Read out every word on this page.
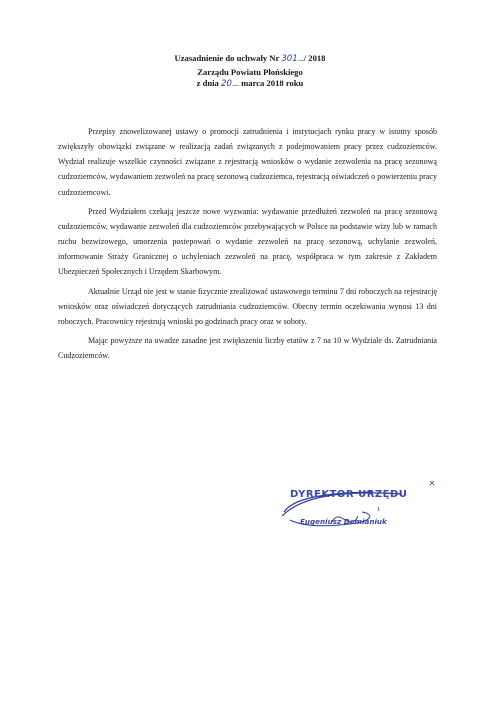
Uzasadnienie do uchwały Nr 301....../ 2018
Zarządu Powiatu Płońskiego
z dnia 20....... marca 2018 roku

Przepisy znowelizowanej ustawy o promocji zatrudnienia i instytucjach rynku pracy w istotny sposób zwiększyły obowiązki związane w realizacją zadań związanych z podejmowaniem pracy przez cudzoziemców. Wydział realizuje wszelkie czynności związane z rejestracją wniosków o wydanie zezwolenia na pracę sezonową cudzoziemców, wydawaniem zezwoleń na pracę sezonową cudzoziemca, rejestracją oświadczeń o powierzeniu pracy cudzoziemcowi.

Przed Wydziałem czekają jeszcze nowe wyzwania: wydawanie przedłużeń zezwoleń na pracę sezonową cudzoziemców, wydawanie zezwoleń dla cudzoziemców przebywających w Polsce na podstawie wizy lub w ramach ruchu bezwizowego, umorzenia postepowań o wydanie zezwoleń na pracę sezonową, uchylanie zezwoleń, informowanie Straży Granicznej o uchyleniach zezwoleń na pracę, współpraca w tym zakresie z Zakładem Ubezpieczeń Społecznych i Urzędem Skarbowym.

Aktualnie Urząd nie jest w stanie fizycznie zrealizować ustawowego terminu 7 dni roboczych na rejestrację wniosków oraz oświadczeń dotyczących zatrudniania cudzoziemców. Obecny termin oczekiwania wynosi 13 dni roboczych. Pracownicy rejestrują wnioski po godzinach pracy oraz w soboty.

Mając powyższe na uwadze zasadne jest zwiększeniu liczby etatów z 7 na 10 w Wydziale ds. Zatrudniania Cudzoziemców.

DYREKTOR URZĘDU
Eugeniusz Demianiuk
